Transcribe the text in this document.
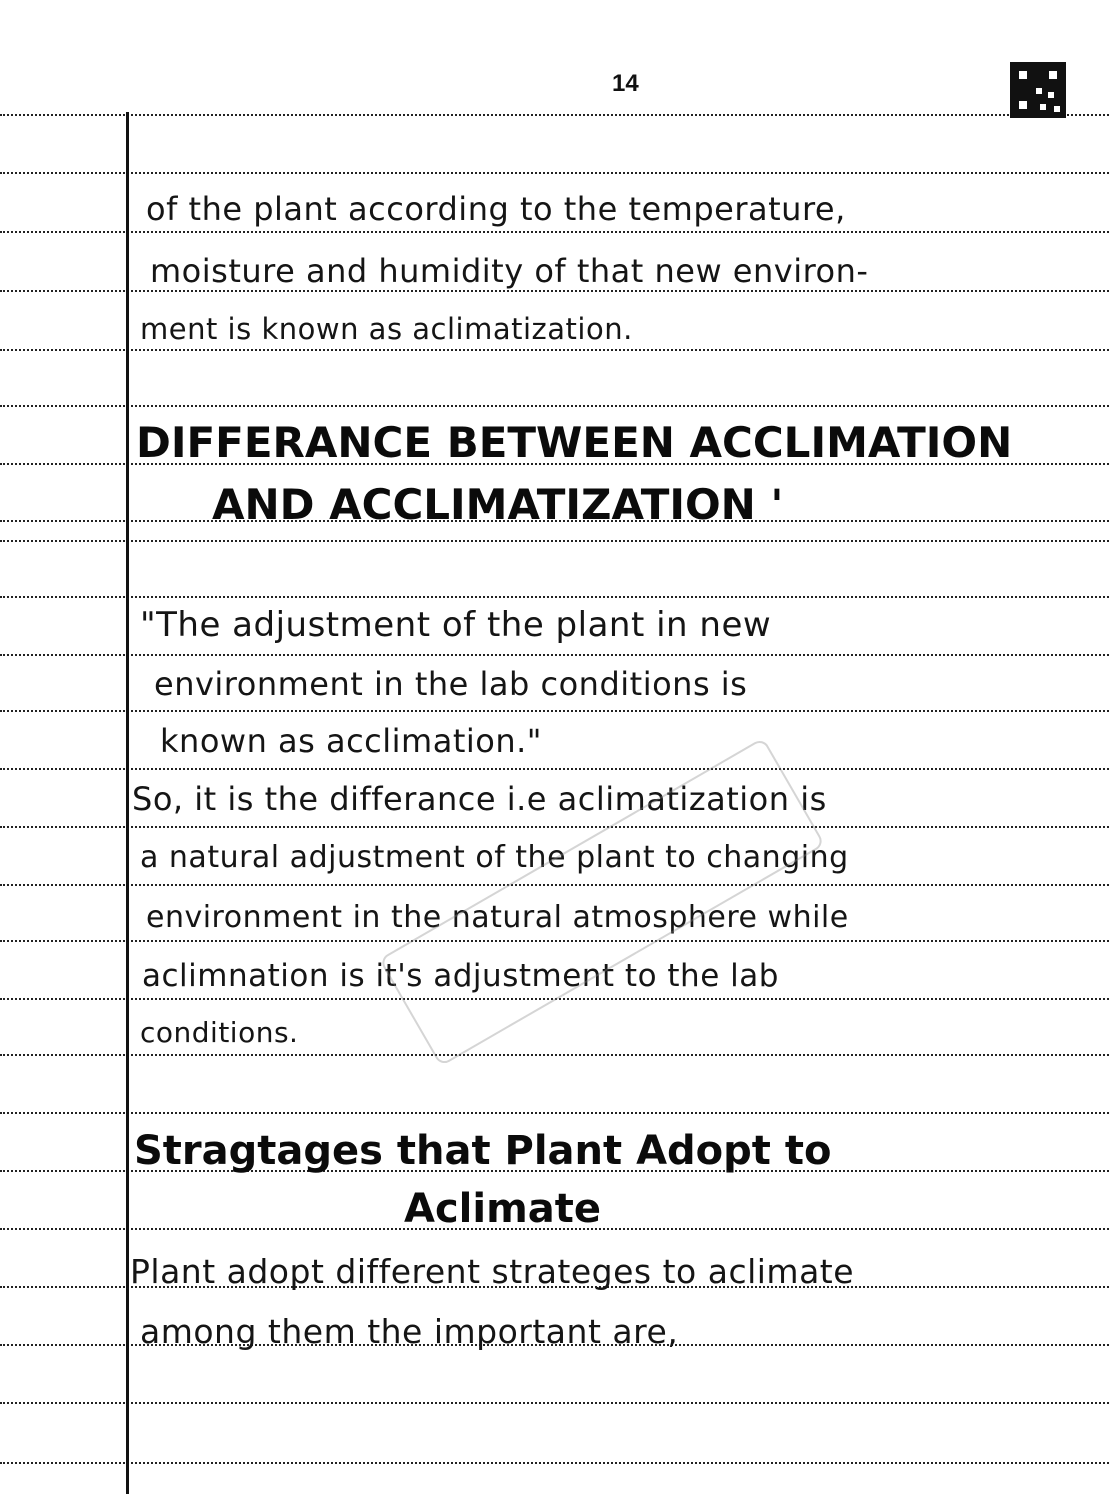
14
of the plant according to the temperature,
moisture and humidity of that new environ-
ment is known as aclimatization.
DIFFERANCE BETWEEN ACCLIMATION
AND ACCLIMATIZATION '
"The adjustment of the plant in new
environment in the lab conditions is
known as acclimation."
So, it is the differance i.e aclimatization is
a natural adjustment of the plant to changing
environment in the natural atmosphere while
aclimnation is it's adjustment to the lab
conditions.
Stragtages that Plant Adopt to
Aclimate
Plant adopt different strateges to aclimate
among them the important are,
